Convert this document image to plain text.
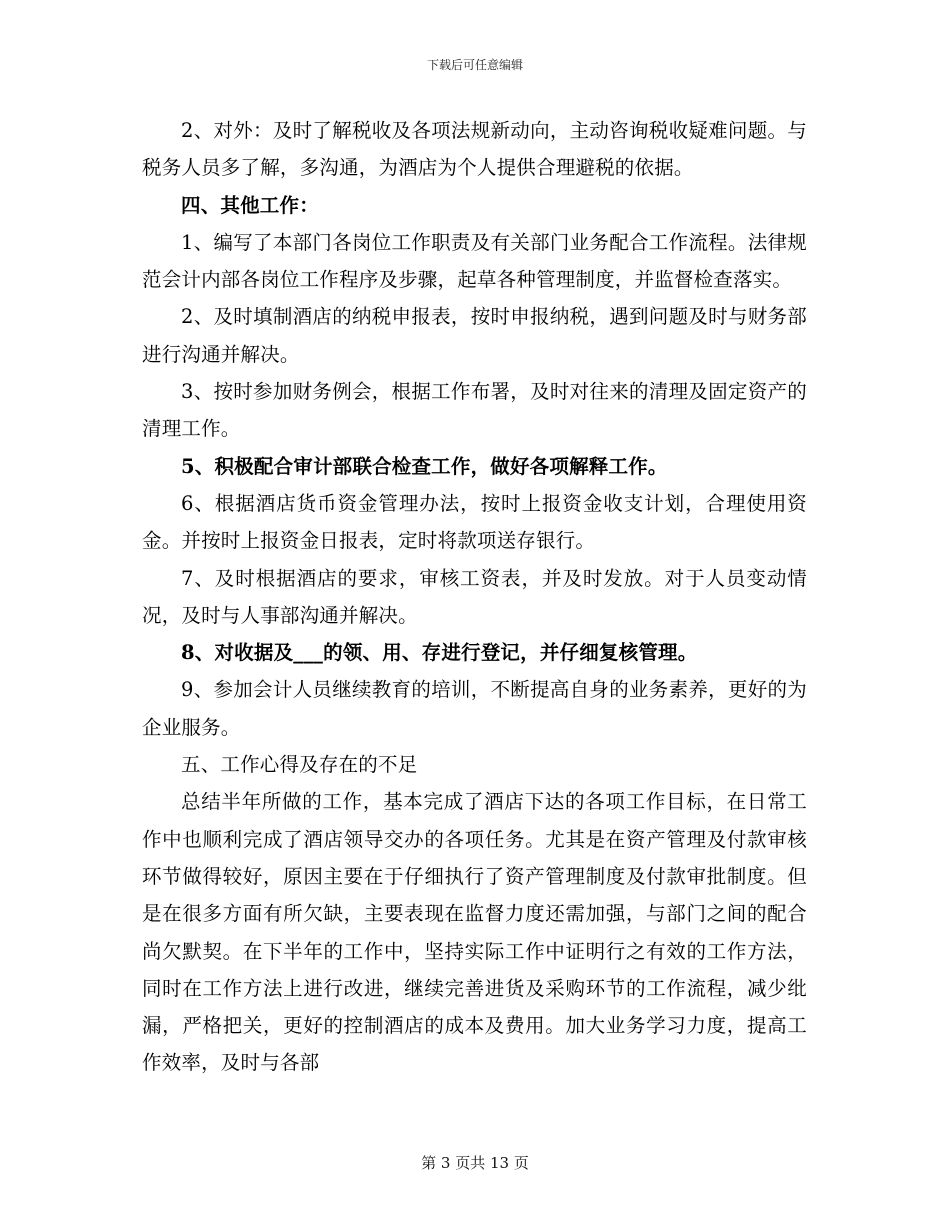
下载后可任意编辑

2、对外：及时了解税收及各项法规新动向，主动咨询税收疑难问题。与税务人员多了解，多沟通，为酒店为个人提供合理避税的依据。

四、其他工作：

1、编写了本部门各岗位工作职责及有关部门业务配合工作流程。法律规范会计内部各岗位工作程序及步骤，起草各种管理制度，并监督检查落实。

2、及时填制酒店的纳税申报表，按时申报纳税，遇到问题及时与财务部进行沟通并解决。

3、按时参加财务例会，根据工作布署，及时对往来的清理及固定资产的清理工作。

5、积极配合审计部联合检查工作，做好各项解释工作。

6、根据酒店货币资金管理办法，按时上报资金收支计划，合理使用资金。并按时上报资金日报表，定时将款项送存银行。

7、及时根据酒店的要求，审核工资表，并及时发放。对于人员变动情况，及时与人事部沟通并解决。

8、对收据及___的领、用、存进行登记，并仔细复核管理。

9、参加会计人员继续教育的培训，不断提高自身的业务素养，更好的为企业服务。

五、工作心得及存在的不足

总结半年所做的工作，基本完成了酒店下达的各项工作目标，在日常工作中也顺利完成了酒店领导交办的各项任务。尤其是在资产管理及付款审核环节做得较好，原因主要在于仔细执行了资产管理制度及付款审批制度。但是在很多方面有所欠缺，主要表现在监督力度还需加强，与部门之间的配合尚欠默契。在下半年的工作中，坚持实际工作中证明行之有效的工作方法，同时在工作方法上进行改进，继续完善进货及采购环节的工作流程，减少纰漏，严格把关，更好的控制酒店的成本及费用。加大业务学习力度，提高工作效率，及时与各部

第 3 页共 13 页
